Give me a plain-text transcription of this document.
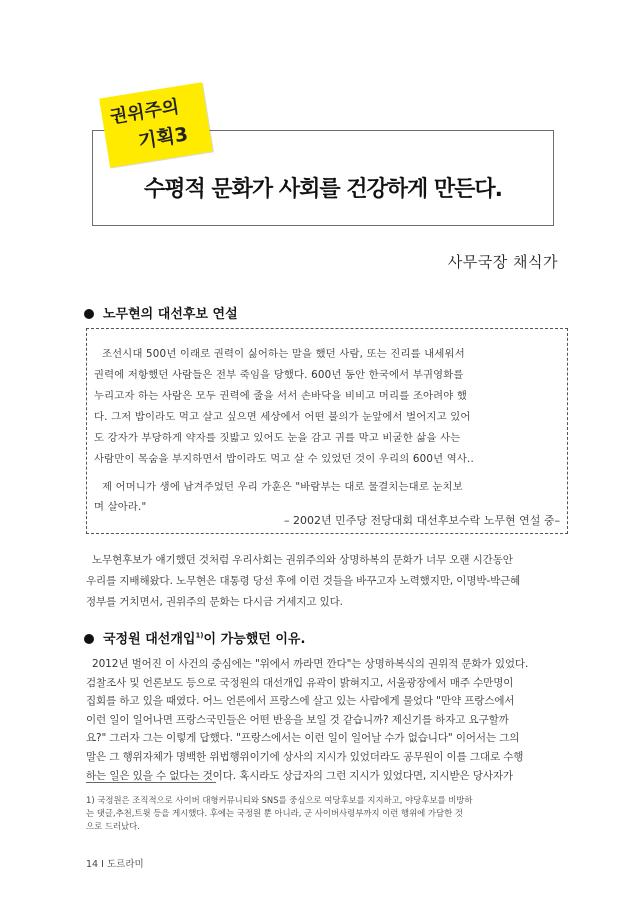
수평적 문화가 사회를 건강하게 만든다.
권위주의
기획3
사무국장 채식가
노무현의 대선후보 연설
조선시대 500년 이래로 권력이 싫어하는 말을 했던 사람, 또는 진리를 내세워서
권력에 저항했던 사람들은 전부 죽임을 당했다. 600년 동안 한국에서 부귀영화를
누리고자 하는 사람은 모두 권력에 줄을 서서 손바닥을 비비고 머리를 조아려야 했
다. 그저 밥이라도 먹고 살고 싶으면 세상에서 어떤 불의가 눈앞에서 벌어지고 있어
도 강자가 부당하게 약자를 짓밟고 있어도 눈을 감고 귀를 막고 비굴한 삶을 사는
사람만이 목숨을 부지하면서 밥이라도 먹고 살 수 있었던 것이 우리의 600년 역사..
제 어머니가 생에 남겨주었던 우리 가훈은 "바람부는 대로 물결치는대로 눈치보
며 살아라."
– 2002년 민주당 전당대회 대선후보수락 노무현 연설 중–
노무현후보가 얘기했던 것처럼 우리사회는 권위주의와 상명하복의 문화가 너무 오랜 시간동안
우리를 지배해왔다. 노무현은 대통령 당선 후에 이런 것들을 바꾸고자 노력했지만, 이명박-박근혜
정부를 거치면서, 권위주의 문화는 다시금 거세지고 있다.
국정원 대선개입$^{1)}$이 가능했던 이유.
1) 국정원은 조직적으로 사이버 대형커뮤니티와 SNS를 중심으로 여당후보를 지지하고, 야당후보를 비방하
는 댓글,추천,트윗 등을 게시했다. 후에는 국정원 뿐 아니라, 군 사이버사령부까지 이런 행위에 가담한 것
으로 드러났다.
14 I 도르라미
2012년 벌어진 이 사건의 중심에는 "위에서 까라면 깐다"는 상명하복식의 권위적 문화가 있었다.
검찰조사 및 언론보도 등으로 국정원의 대선개입 유곽이 밝혀지고, 서울광장에서 매주 수만명이
집회를 하고 있을 때였다. 어느 언론에서 프랑스에 살고 있는 사람에게 물었다 "만약 프랑스에서
이런 일이 일어나면 프랑스국민들은 어떤 반응을 보일 것 같습니까? 제신기를 하자고 요구할까
요?" 그러자 그는 이렇게 답했다. "프랑스에서는 이런 일이 일어날 수가 없습니다" 이어서는 그의
말은 그 행위자체가 명백한 위법행위이기에 상사의 지시가 있었더라도 공무원이 이를 그대로 수행
하는 일은 있을 수 없다는 것이다. 혹시라도 상급자의 그런 지시가 있었다면, 지시받은 당사자가
